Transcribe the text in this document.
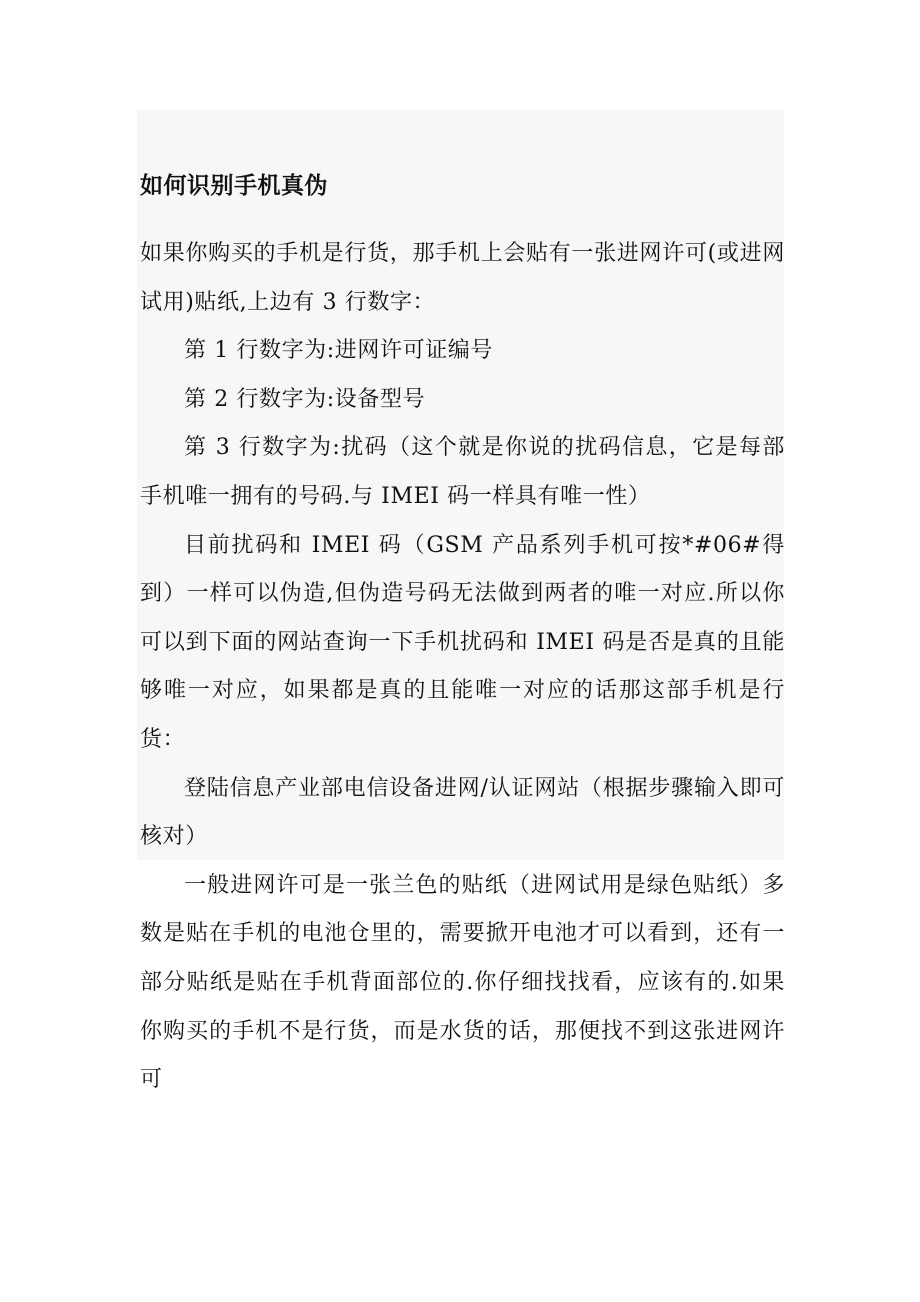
如何识别手机真伪

如果你购买的手机是行货，那手机上会贴有一张进网许可(或进网试用)贴纸,上边有 3 行数字：

第 1 行数字为:进网许可证编号

第 2 行数字为:设备型号

第 3 行数字为:扰码（这个就是你说的扰码信息，它是每部手机唯一拥有的号码.与 IMEI 码一样具有唯一性）

目前扰码和 IMEI 码（GSM 产品系列手机可按*#06#得到）一样可以伪造,但伪造号码无法做到两者的唯一对应.所以你可以到下面的网站查询一下手机扰码和 IMEI 码是否是真的且能够唯一对应，如果都是真的且能唯一对应的话那这部手机是行货：

登陆信息产业部电信设备进网/认证网站（根据步骤输入即可核对）

一般进网许可是一张兰色的贴纸（进网试用是绿色贴纸）多数是贴在手机的电池仓里的，需要掀开电池才可以看到，还有一部分贴纸是贴在手机背面部位的.你仔细找找看，应该有的.如果你购买的手机不是行货，而是水货的话，那便找不到这张进网许可
